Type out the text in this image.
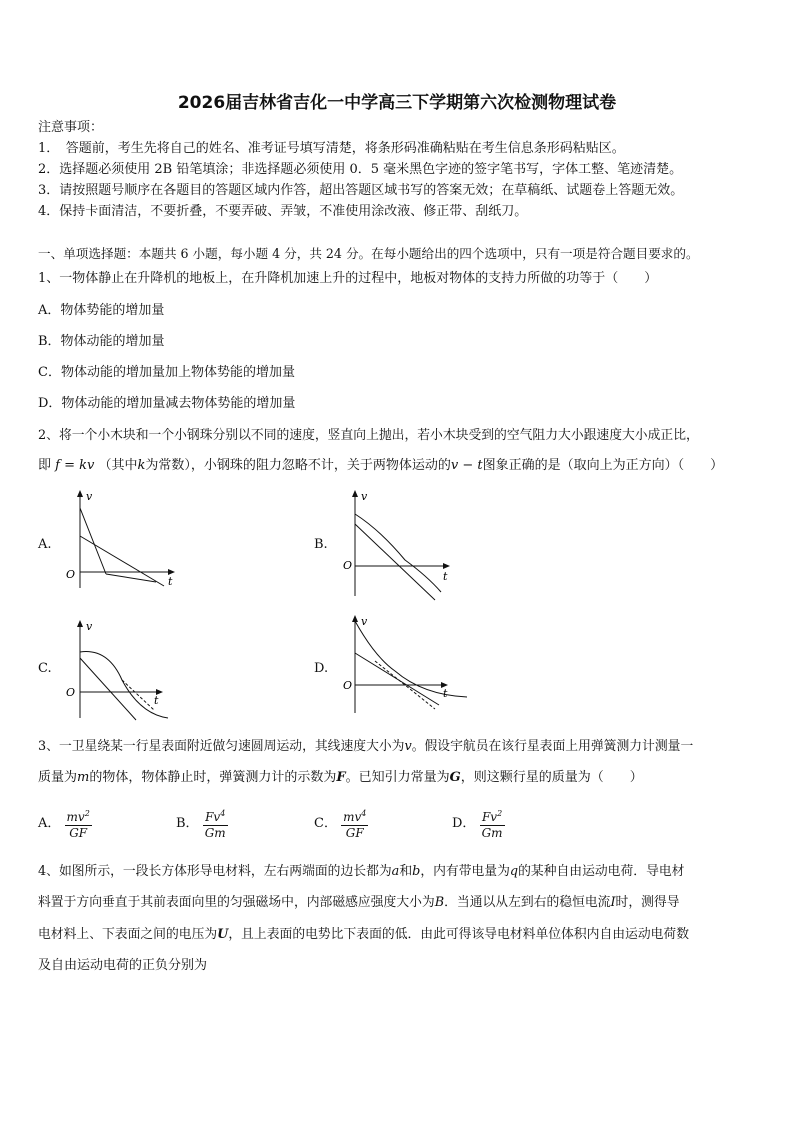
2026届吉林省吉化一中学高三下学期第六次检测物理试卷
注意事项：
1．　答题前，考生先将自己的姓名、准考证号填写清楚，将条形码准确粘贴在考生信息条形码粘贴区。
2．选择题必须使用 2B 铅笔填涂；非选择题必须使用 0．5 毫米黑色字迹的签字笔书写，字体工整、笔迹清楚。
3．请按照题号顺序在各题目的答题区域内作答，超出答题区域书写的答案无效；在草稿纸、试题卷上答题无效。
4．保持卡面清洁，不要折叠，不要弄破、弄皱，不准使用涂改液、修正带、刮纸刀。
一、单项选择题：本题共 6 小题，每小题 4 分，共 24 分。在每小题给出的四个选项中，只有一项是符合题目要求的。
1、一物体静止在升降机的地板上，在升降机加速上升的过程中，地板对物体的支持力所做的功等于（　　）
A．物体势能的增加量
B．物体动能的增加量
C．物体动能的增加量加上物体势能的增加量
D．物体动能的增加量减去物体势能的增加量
2、将一个小木块和一个小钢珠分别以不同的速度，竖直向上抛出，若小木块受到的空气阻力大小跟速度大小成正比，
即 f = kv （其中k为常数），小钢珠的阻力忽略不计，关于两物体运动的v − t图象正确的是（取向上为正方向）（　　）
A.	B.
C.	D.
v
t
O
v
t
O
v
t
O
v
t
O
3、一卫星绕某一行星表面附近做匀速圆周运动，其线速度大小为v。假设宇航员在该行星表面上用弹簧测力计测量一
质量为m的物体，物体静止时，弹簧测力计的示数为F。已知引力常量为G，则这颗行星的质量为（　　）
A． $\frac{mv^2}{GF}$	B． $\frac{Fv^4}{Gm}$	C． $\frac{mv^4}{GF}$	D． $\frac{Fv^2}{Gm}$
4、如图所示，一段长方体形导电材料，左右两端面的边长都为a和b，内有带电量为q的某种自由运动电荷．导电材
料置于方向垂直于其前表面向里的匀强磁场中，内部磁感应强度大小为B．当通以从左到右的稳恒电流I时，测得导
电材料上、下表面之间的电压为U，且上表面的电势比下表面的低．由此可得该导电材料单位体积内自由运动电荷数
及自由运动电荷的正负分别为
